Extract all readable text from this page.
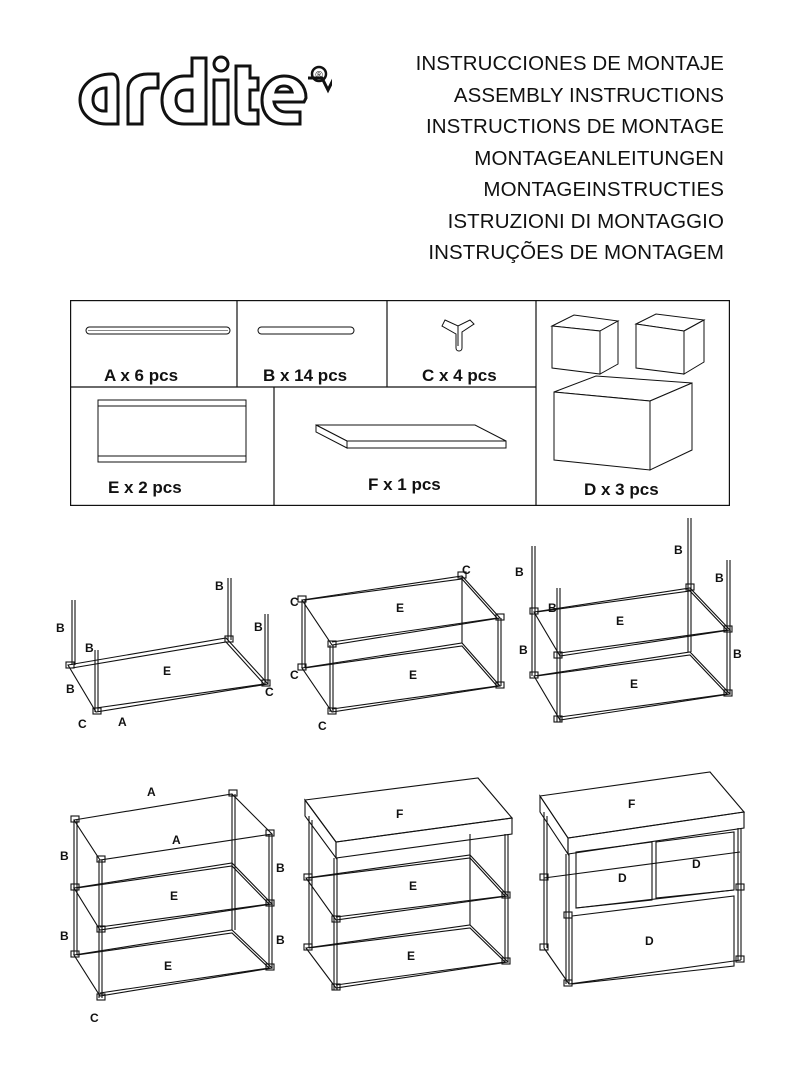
®
INSTRUCCIONES DE MONTAJE
ASSEMBLY INSTRUCTIONS
INSTRUCTIONS DE MONTAGE
MONTAGEANLEITUNGEN
MONTAGEINSTRUCTIES
ISTRUZIONI DI MONTAGGIO
INSTRUÇÕES DE MONTAGEM
A x 6 pcs	B x 14 pcs	C x 4 pcs
E x 2 pcs	F x 1 pcs	D x 3 pcs
B
B
B
B
B
C
C	A
E
C
C
E
C
C
E
B
B
B
B
B	B
E
E
A
A
B
B
B
B
E
E
C
F
E
E
F
D
D
D
